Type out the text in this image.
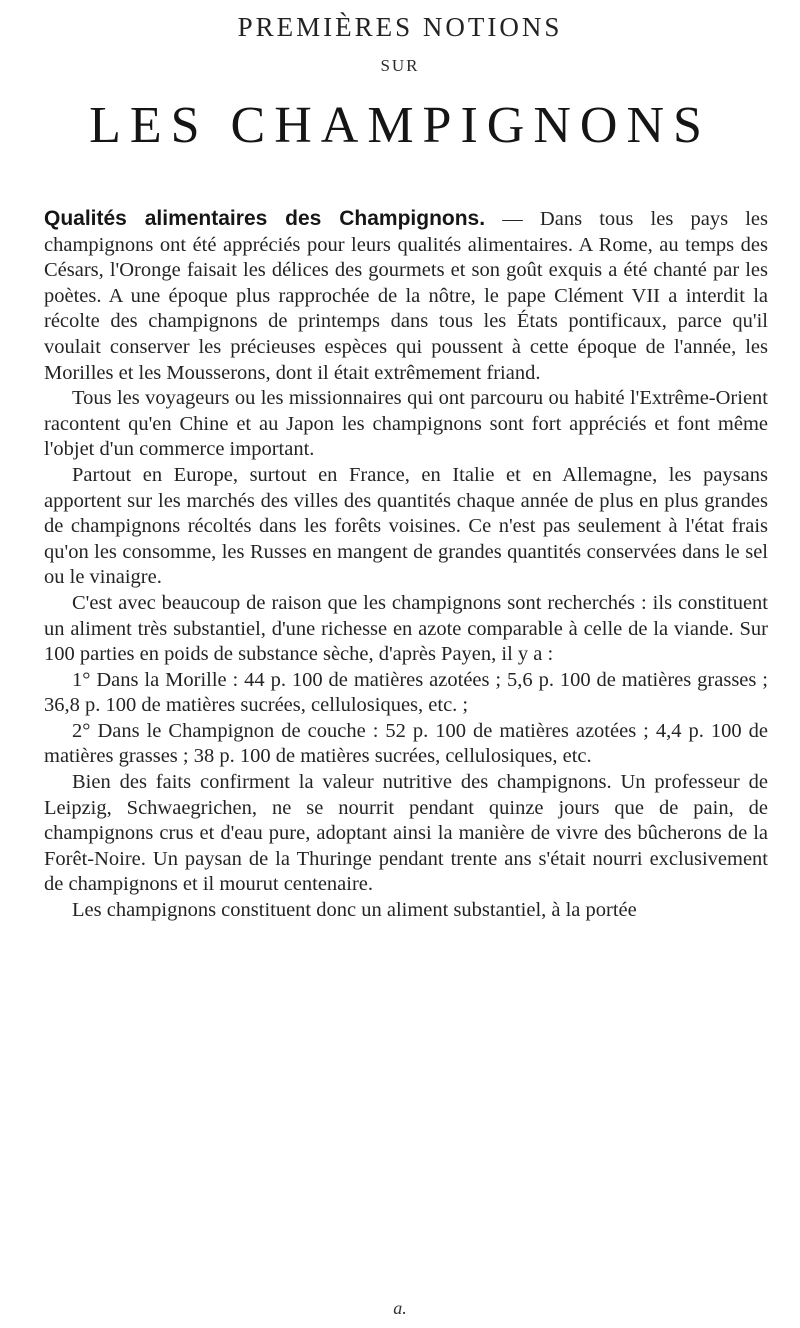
PREMIÈRES NOTIONS
SUR
LES CHAMPIGNONS

Qualités alimentaires des Champignons. — Dans tous les pays les champignons ont été appréciés pour leurs qualités alimentaires. A Rome, au temps des Césars, l'Oronge faisait les délices des gourmets et son goût exquis a été chanté par les poètes. A une époque plus rapprochée de la nôtre, le pape Clément VII a interdit la récolte des champignons de printemps dans tous les États pontificaux, parce qu'il voulait conserver les précieuses espèces qui poussent à cette époque de l'année, les Morilles et les Mousserons, dont il était extrêmement friand.

Tous les voyageurs ou les missionnaires qui ont parcouru ou habité l'Extrême-Orient racontent qu'en Chine et au Japon les champignons sont fort appréciés et font même l'objet d'un commerce important.

Partout en Europe, surtout en France, en Italie et en Allemagne, les paysans apportent sur les marchés des villes des quantités chaque année de plus en plus grandes de champignons récoltés dans les forêts voisines. Ce n'est pas seulement à l'état frais qu'on les consomme, les Russes en mangent de grandes quantités conservées dans le sel ou le vinaigre.

C'est avec beaucoup de raison que les champignons sont recherchés : ils constituent un aliment très substantiel, d'une richesse en azote comparable à celle de la viande. Sur 100 parties en poids de substance sèche, d'après Payen, il y a :

1° Dans la Morille : 44 p. 100 de matières azotées ; 5,6 p. 100 de matières grasses ; 36,8 p. 100 de matières sucrées, cellulosiques, etc. ;

2° Dans le Champignon de couche : 52 p. 100 de matières azotées ; 4,4 p. 100 de matières grasses ; 38 p. 100 de matières sucrées, cellulosiques, etc.

Bien des faits confirment la valeur nutritive des champignons. Un professeur de Leipzig, Schwaegrichen, ne se nourrit pendant quinze jours que de pain, de champignons crus et d'eau pure, adoptant ainsi la manière de vivre des bûcherons de la Forêt-Noire. Un paysan de la Thuringe pendant trente ans s'était nourri exclusivement de champignons et il mourut centenaire.

Les champignons constituent donc un aliment substantiel, à la portée

a.
